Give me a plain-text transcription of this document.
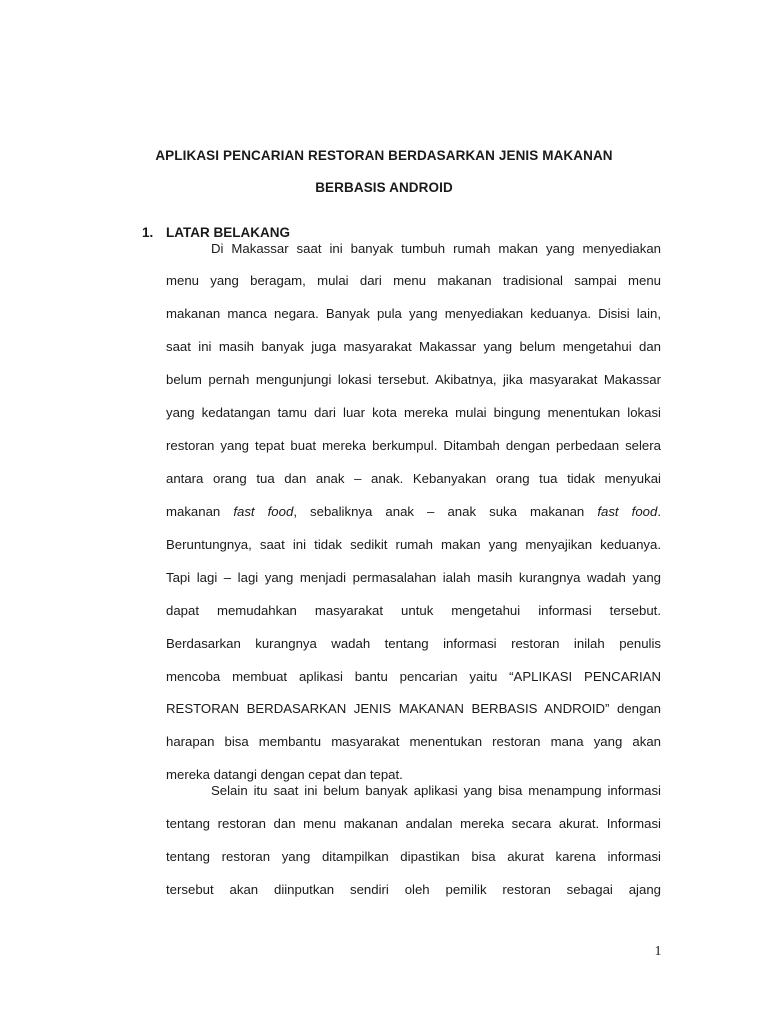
APLIKASI PENCARIAN RESTORAN BERDASARKAN JENIS MAKANAN
BERBASIS ANDROID
1. LATAR BELAKANG
Di Makassar saat ini banyak tumbuh rumah makan yang menyediakan
menu yang beragam, mulai dari menu makanan tradisional sampai menu
makanan manca negara. Banyak pula yang menyediakan keduanya. Disisi lain,
saat ini masih banyak juga masyarakat Makassar yang belum mengetahui dan
belum pernah mengunjungi lokasi tersebut. Akibatnya, jika masyarakat Makassar
yang kedatangan tamu dari luar kota mereka mulai bingung menentukan lokasi
restoran yang tepat buat mereka berkumpul. Ditambah dengan perbedaan selera
antara orang tua dan anak – anak. Kebanyakan orang tua tidak menyukai
makanan fast food, sebaliknya anak – anak suka makanan fast food.
Beruntungnya, saat ini tidak sedikit rumah makan yang menyajikan keduanya.
Tapi lagi – lagi yang menjadi permasalahan ialah masih kurangnya wadah yang
dapat memudahkan masyarakat untuk mengetahui informasi tersebut.
Berdasarkan kurangnya wadah tentang informasi restoran inilah penulis
mencoba membuat aplikasi bantu pencarian yaitu “APLIKASI PENCARIAN
RESTORAN BERDASARKAN JENIS MAKANAN BERBASIS ANDROID” dengan
harapan bisa membantu masyarakat menentukan restoran mana yang akan
mereka datangi dengan cepat dan tepat.
Selain itu saat ini belum banyak aplikasi yang bisa menampung informasi
tentang restoran dan menu makanan andalan mereka secara akurat. Informasi
tentang restoran yang ditampilkan dipastikan bisa akurat karena informasi
tersebut akan diinputkan sendiri oleh pemilik restoran sebagai ajang
1
